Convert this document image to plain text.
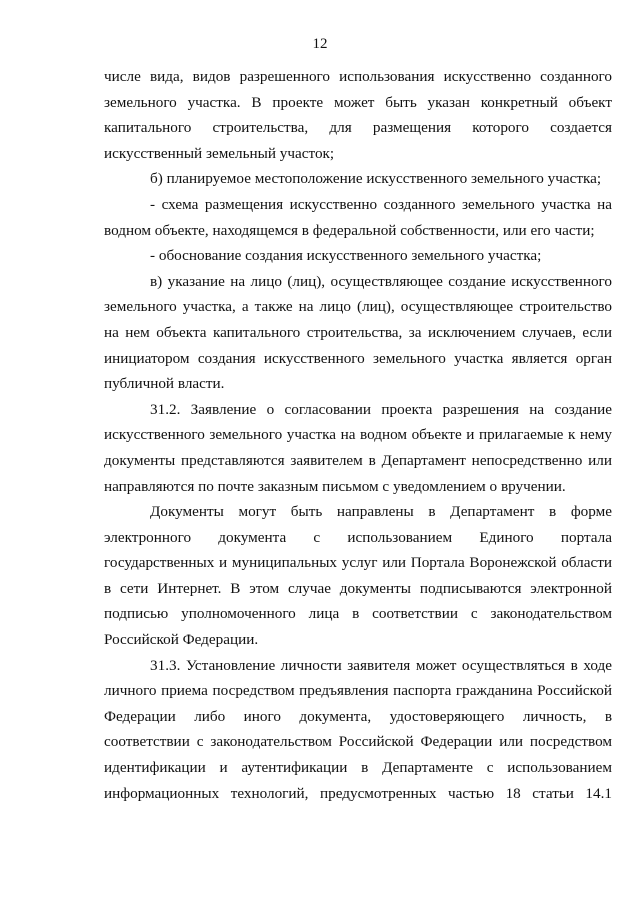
12
числе вида, видов разрешенного использования искусственно созданного
земельного участка. В проекте может быть указан конкретный объект
капитального строительства, для размещения которого создается
искусственный земельный участок;
б) планируемое местоположение искусственного земельного участка;
- схема размещения искусственно созданного земельного участка на
водном объекте, находящемся в федеральной собственности, или его части;
- обоснование создания искусственного земельного участка;
в) указание на лицо (лиц), осуществляющее создание искусственного
земельного участка, а также на лицо (лиц), осуществляющее строительство
на нем объекта капитального строительства, за исключением случаев, если
инициатором создания искусственного земельного участка является орган
публичной власти.
31.2. Заявление о согласовании проекта разрешения на создание
искусственного земельного участка на водном объекте и прилагаемые к нему
документы представляются заявителем в Департамент непосредственно или
направляются по почте заказным письмом с уведомлением о вручении.
Документы могут быть направлены в Департамент в форме
электронного документа с использованием Единого портала
государственных и муниципальных услуг или Портала Воронежской области
в сети Интернет. В этом случае документы подписываются электронной
подписью уполномоченного лица в соответствии с законодательством
Российской Федерации.
31.3. Установление личности заявителя может осуществляться в ходе
личного приема посредством предъявления паспорта гражданина Российской
Федерации либо иного документа, удостоверяющего личность, в
соответствии с законодательством Российской Федерации или посредством
идентификации и аутентификации в Департаменте с использованием
информационных технологий, предусмотренных частью 18 статьи 14.1
